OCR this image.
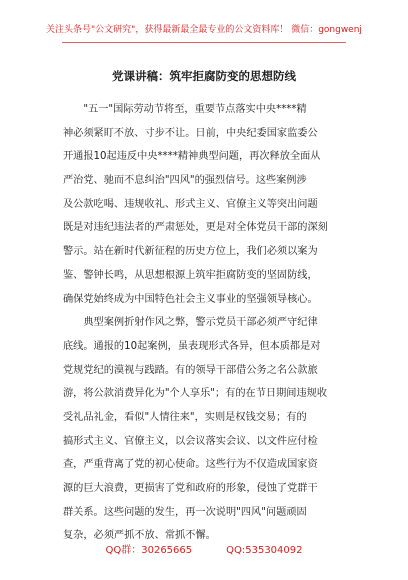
关注头条号"公文研究"，获得最新最全最专业的公文资料库！ 微信：gongwenj
党课讲稿：筑牢拒腐防变的思想防线
　　"五一"国际劳动节将至，重要节点落实中央****精
神必须紧盯不放、寸步不让。日前，中央纪委国家监委公
开通报10起违反中央****精神典型问题，再次释放全面从
严治党、驰而不息纠治"四风"的强烈信号。这些案例涉
及公款吃喝、违规收礼、形式主义、官僚主义等突出问题
既是对违纪违法者的严肃惩处，更是对全体党员干部的深刻
警示。站在新时代新征程的历史方位上，我们必须以案为
鉴、警钟长鸣，从思想根源上筑牢拒腐防变的坚固防线，
确保党始终成为中国特色社会主义事业的坚强领导核心。
　　典型案例折射作风之弊，警示党员干部必须严守纪律
底线。通报的10起案例，虽表现形式各异，但本质都是对
党规党纪的漠视与践踏。有的领导干部借公务之名公款旅
游，将公款消费异化为"个人享乐"；有的在节日期间违规收
受礼品礼金，看似"人情往来"，实则是权钱交易；有的
搞形式主义、官僚主义，以会议落实会议、以文件应付检
查，严重背离了党的初心使命。这些行为不仅造成国家资
源的巨大浪费，更损害了党和政府的形象，侵蚀了党群干
群关系。这些问题的发生，再一次说明"四风"问题顽固
复杂，必须严抓不放、常抓不懈。
QQ群：30265665	QQ:535304092
